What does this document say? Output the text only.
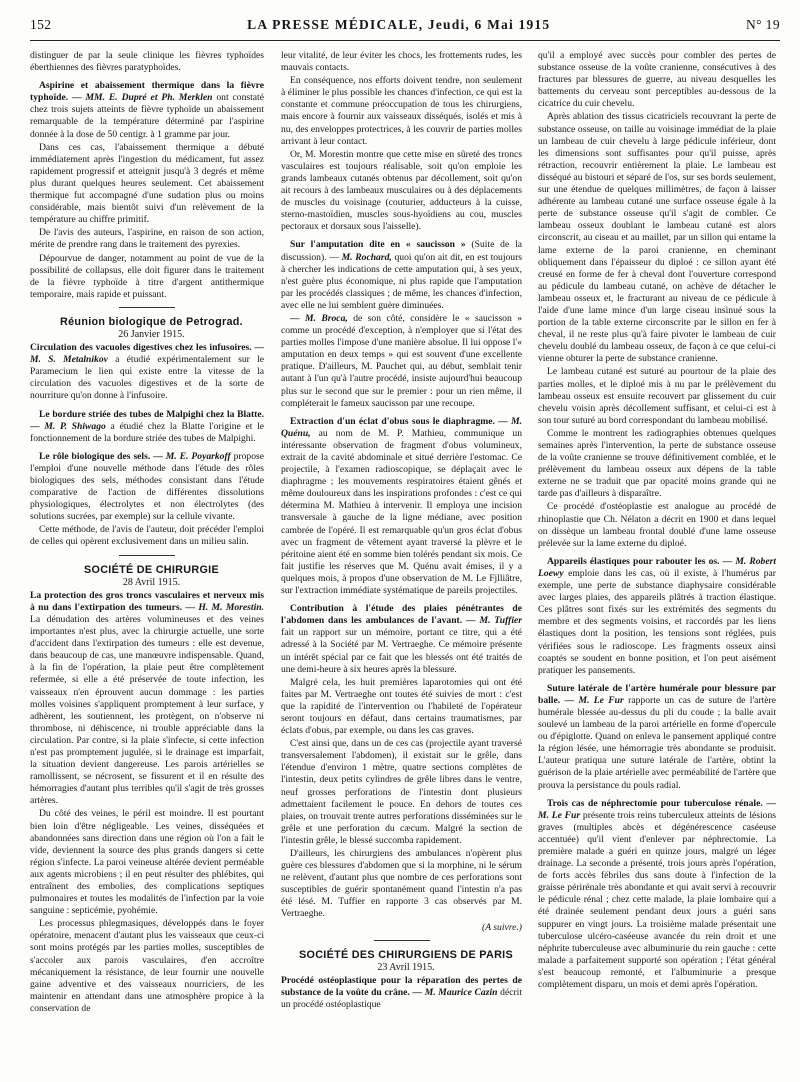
152	LA PRESSE MÉDICALE, Jeudi, 6 Mai 1915	N° 19

distinguer de par la seule clinique les fièvres typhoïdes éberthiennes des fièvres paratyphoïdes.

Aspirine et abaissement thermique dans la fièvre typhoïde. — MM. E. Dupré et Ph. Merklen ont constaté chez trois sujets atteints de fièvre typhoïde un abaissement remarquable de la température déterminé par l'aspirine donnée à la dose de 50 centigr. à 1 gramme par jour.

Dans ces cas, l'abaissement thermique a débuté immédiatement après l'ingestion du médicament, fut assez rapidement progressif et atteignit jusqu'à 3 degrés et même plus durant quelques heures seulement. Cet abaissement thermique fut accompagné d'une sudation plus ou moins considérable, mais bientôt suivi d'un relèvement de la température au chiffre primitif.

De l'avis des auteurs, l'aspirine, en raison de son action, mérite de prendre rang dans le traitement des pyrexies.

Dépourvue de danger, notamment au point de vue de la possibilité de collapsus, elle doit figurer dans le traitement de la fièvre typhoïde à titre d'argent antithermique temporaire, mais rapide et puissant.

Réunion biologique de Petrograd.

26 Janvier 1915.

Circulation des vacuoles digestives chez les infusoires. — M. S. Metalnikov a étudié expérimentalement sur le Paramecium le lien qui existe entre la vitesse de la circulation des vacuoles digestives et de la sorte de nourriture qu'on donne à l'infusoire.

Le bordure striée des tubes de Malpighi chez la Blatte. — M. P. Shiwago a étudié chez la Blatte l'origine et le fonctionnement de la bordure striée des tubes de Malpighi.

Le rôle biologique des sels. — M. E. Poyarkoff propose l'emploi d'une nouvelle méthode dans l'étude des rôles biologiques des sels, méthodes consistant dans l'étude comparative de l'action de différentes dissolutions physiologiques, électrolytes et non électrolytes (des solutions sucrées, par exemple) sur la cellule vivante.

Cette méthode, de l'avis de l'auteur, doit précéder l'emploi de celles qui opèrent exclusivement dans un milieu salin.

SOCIÉTÉ DE CHIRURGIE

28 Avril 1915.

La protection des gros troncs vasculaires et nerveux mis à nu dans l'extirpation des tumeurs. — H. M. Morestin. La dénudation des artères volumineuses et des veines importantes n'est plus, avec la chirurgie actuelle, une sorte d'accident dans l'extirpation des tumeurs : elle est devenue, dans beaucoup de cas, une manœuvre indispensable. Quand, à la fin de l'opération, la plaie peut être complètement refermée, si elle a été préservée de toute infection, les vaisseaux n'en éprouvent aucun dommage : les parties molles voisines s'appliquent promptement à leur surface, y adhèrent, les soutiennent, les protègent, on n'observe ni thrombose, ni déhiscence, ni trouble appréciable dans la circulation. Par contre, si la plaie s'infecte, si cette infection n'est pas promptement jugulée, si le drainage est imparfait, la situation devient dangereuse. Les parois artérielles se ramollissent, se nécrosent, se fissurent et il en résulte des hémorragies d'autant plus terribles qu'il s'agit de très grosses artères.

Du côté des veines, le péril est moindre. Il est pourtant bien loin d'être négligeable. Les veines, disséquées et abandonnées sans direction dans une région où l'on a fait le vide, deviennent la source des plus grands dangers si cette région s'infecte. La paroi veineuse altérée devient perméable aux agents microbiens ; il en peut résulter des phlébites, qui entraînent des embolies, des complications septiques pulmonaires et toutes les modalités de l'infection par la voie sanguine : septicémie, pyohémie.

Les processus phlegmasiques, développés dans le foyer opératoire, menacent d'autant plus les vaisseaux que ceux-ci sont moins protégés par les parties molles, susceptibles de s'accoler aux parois vasculaires, d'en accroître mécaniquement la résistance, de leur fournir une nouvelle gaine adventive et des vaisseaux nourriciers, de les maintenir en attendant dans une atmosphère propice à la conservation de

leur vitalité, de leur éviter les chocs, les frottements rudes, les mauvais contacts.

En conséquence, nos efforts doivent tendre, non seulement à éliminer le plus possible les chances d'infection, ce qui est la constante et commune préoccupation de tous les chirurgiens, mais encore à fournir aux vaisseaux disséqués, isolés et mis à nu, des enveloppes protectrices, à les couvrir de parties molles arrivant à leur contact.

Or, M. Morestin montre que cette mise en sûreté des troncs vasculaires est toujours réalisable, soit qu'on emploie les grands lambeaux cutanés obtenus par décollement, soit qu'on ait recours à des lambeaux musculaires ou à des déplacements de muscles du voisinage (couturier, adducteurs à la cuisse, sterno-mastoïdien, muscles sous-hyoïdiens au cou, muscles pectoraux et dorsaux sous l'aisselle).

Sur l'amputation dite en « saucisson » (Suite de la discussion). — M. Rochard, quoi qu'on ait dit, en est toujours à chercher les indications de cette amputation qui, à ses yeux, n'est guère plus économique, ni plus rapide que l'amputation par les procédés classiques ; de même, les chances d'infection, avec elle ne lui semblent guère diminuées.

— M. Broca, de son côté, considère le « saucisson » comme un procédé d'exception, à n'employer que si l'état des parties molles l'impose d'une manière absolue. Il lui oppose l'« amputation en deux temps » qui est souvent d'une excellente pratique. D'ailleurs, M. Pauchet qui, au début, semblait tenir autant à l'un qu'à l'autre procédé, insiste aujourd'hui beaucoup plus sur le second que sur le premier : pour un rien même, il compléterait le fameux saucisson par une recoupe.

Extraction d'un éclat d'obus sous le diaphragme. — M. Quénu, au nom de M. P. Mathieu, communique un intéressante observation de fragment d'obus volumineux, extrait de la cavité abdominale et situé derrière l'estomac. Ce projectile, à l'examen radioscopique, se déplaçait avec le diaphragme ; les mouvements respiratoires étaient gênés et même douloureux dans les inspirations profondes : c'est ce qui détermina M. Mathieu à intervenir. Il employa une incision transversale à gauche de la ligne médiane, avec position cambrée de l'opéré. Il est remarquable qu'un gros éclat d'obus avec un fragment de vêtement ayant traversé la plèvre et le péritoine aient été en somme bien tolérés pendant six mois. Ce fait justifie les réserves que M. Quénu avait émises, il y a quelques mois, à propos d'une observation de M. Le Fjlliâtre, sur l'extraction immédiate systématique de pareils projectiles.

Contribution à l'étude des plaies pénétrantes de l'abdomen dans les ambulances de l'avant. — M. Tuffier fait un rapport sur un mémoire, portant ce titre, qui a été adressé à la Société par M. Vertraeghe. Ce mémoire présente un intérêt spécial par ce fait que les blessés ont été traités de une demi-heure à six heures après la blessure.

Malgré cela, les huit premières laparotomies qui ont été faites par M. Vertraeghe ont toutes été suivies de mort : c'est que la rapidité de l'intervention ou l'habileté de l'opérateur seront toujours en défaut, dans certains traumatismes, par éclats d'obus, par exemple, ou dans les cas graves.

C'est ainsi que, dans un de ces cas (projectile ayant traversé transversalement l'abdomen), il existait sur le grêle, dans l'étendue d'environ 1 mètre, quatre sections complètes de l'intestin, deux petits cylindres de grêle libres dans le ventre, neuf grosses perforations de l'intestin dont plusieurs admettaient facilement le pouce. En dehors de toutes ces plaies, on trouvait trente autres perforations disséminées sur le grêle et une perforation du cæcum. Malgré la section de l'intestin grêle, le blessé succomba rapidement.

D'ailleurs, les chirurgiens des ambulances n'opèrent plus guère ces blessures d'abdomen que si la morphine, ni le sérum ne relèvent, d'autant plus que nombre de ces perforations sont susceptibles de guérir spontanément quand l'intestin n'a pas été lésé. M. Tuffier en rapporte 3 cas observés par M. Vertraeghe.

(A suivre.)

SOCIÉTÉ DES CHIRURGIENS DE PARIS

23 Avril 1915.

Procédé ostéoplastique pour la réparation des pertes de substance de la voûte du crâne. — M. Maurice Cazin décrit un procédé ostéoplastique

qu'il a employé avec succès pour combler des pertes de substance osseuse de la voûte cranienne, consécutives à des fractures par blessures de guerre, au niveau desquelles les battements du cerveau sont perceptibles au-dessous de la cicatrice du cuir chevelu.

Après ablation des tissus cicatriciels recouvrant la perte de substance osseuse, on taille au voisinage immédiat de la plaie un lambeau de cuir chevelu à large pédicule inférieur, dont les dimensions sont suffisantes pour qu'il puisse, après rétraction, recouvrir entièrement la plaie. Le lambeau est disséqué au bistouri et séparé de l'os, sur ses bords seulement, sur une étendue de quelques millimètres, de façon à laisser adhérente au lambeau cutané une surface osseuse égale à la perte de substance osseuse qu'il s'agit de combler. Ce lambeau osseux doublant le lambeau cutané est alors circonscrit, au ciseau et au maillet, par un sillon qui entame la lame externe de la paroi cranienne, en cheminant obliquement dans l'épaisseur du diploé : ce sillon ayant été creusé en forme de fer à cheval dont l'ouverture correspond au pédicule du lambeau cutané, on achève de détacher le lambeau osseux et, le fracturant au niveau de ce pédicule à l'aide d'une lame mince d'un large ciseau insinué sous la portion de la table externe circonscrite par le sillon en fer à cheval, il ne reste plus qu'à faire pivoter le lambeau de cuir chevelu doublé du lambeau osseux, de façon à ce que celui-ci vienne obturer la perte de substance cranienne.

Le lambeau cutané est suturé au pourtour de la plaie des parties molles, et le diploé mis à nu par le prélèvement du lambeau osseux est ensuite recouvert par glissement du cuir chevelu voisin après décollement suffisant, et celui-ci est à son tour suturé au bord correspondant du lambeau mobilisé.

Comme le montrent les radiographies obtenues quelques semaines après l'intervention, la perte de substance osseuse de la voûte cranienne se trouve définitivement comblée, et le prélèvement du lambeau osseux aux dépens de la table externe ne se traduit que par opacité moins grande qui ne tarde pas d'ailleurs à disparaître.

Ce procédé d'ostéoplastie est analogue au procédé de rhinoplastie que Ch. Nélaton a décrit en 1900 et dans lequel on dissèque un lambeau frontal doublé d'une lame osseuse prélevée sur la lame externe du diploé.

Appareils élastiques pour rabouter les os. — M. Robert Loewy emploie dans les cas, où il existe, à l'humérus par exemple, une perte de substance diaphysaire considérable avec larges plaies, des appareils plâtrés à traction élastique. Ces plâtres sont fixés sur les extrémités des segments du membre et des segments voisins, et raccordés par les liens élastiques dont la position, les tensions sont réglées, puis vérifiées sous le radioscope. Les fragments osseux ainsi coaptés se soudent en bonne position, et l'on peut aisément pratiquer les pansements.

Suture latérale de l'artère humérale pour blessure par balle. — M. Le Fur rapporte un cas de suture de l'artère humérale blessée au-dessus du pli du coude ; la balle avait soulevé un lambeau de la paroi artérielle en forme d'opercule ou d'épiglotte. Quand on enleva le pansement appliqué contre la région lésée, une hémorragie très abondante se produisit. L'auteur pratiqua une suture latérale de l'artère, obtint la guérison de la plaie artérielle avec perméabilité de l'artère que prouva la persistance du pouls radial.

Trois cas de néphrectomie pour tuberculose rénale. — M. Le Fur présente trois reins tuberculeux atteints de lésions graves (multiples abcès et dégénérescence caséeuse accentuée) qu'il vient d'enlever par néphrectomie. La première malade a guéri en quinze jours, malgré un léger drainage. La seconde a présenté, trois jours après l'opération, de forts accès fébriles dus sans doute à l'infection de la graisse périrénale très abondante et qui avait servi à recouvrir le pédicule rénal ; chez cette malade, la plaie lombaire qui a été drainée seulement pendant deux jours a guéri sans suppurer en vingt jours. La troisième malade présentait une tuberculose ulcéro-caséeuse avancée du rein droit et une néphrite tuberculeuse avec albuminurie du rein gauche : cette malade a parfaitement supporté son opération ; l'état général s'est beaucoup remonté, et l'albuminurie a presque complètement disparu, un mois et demi après l'opération.
